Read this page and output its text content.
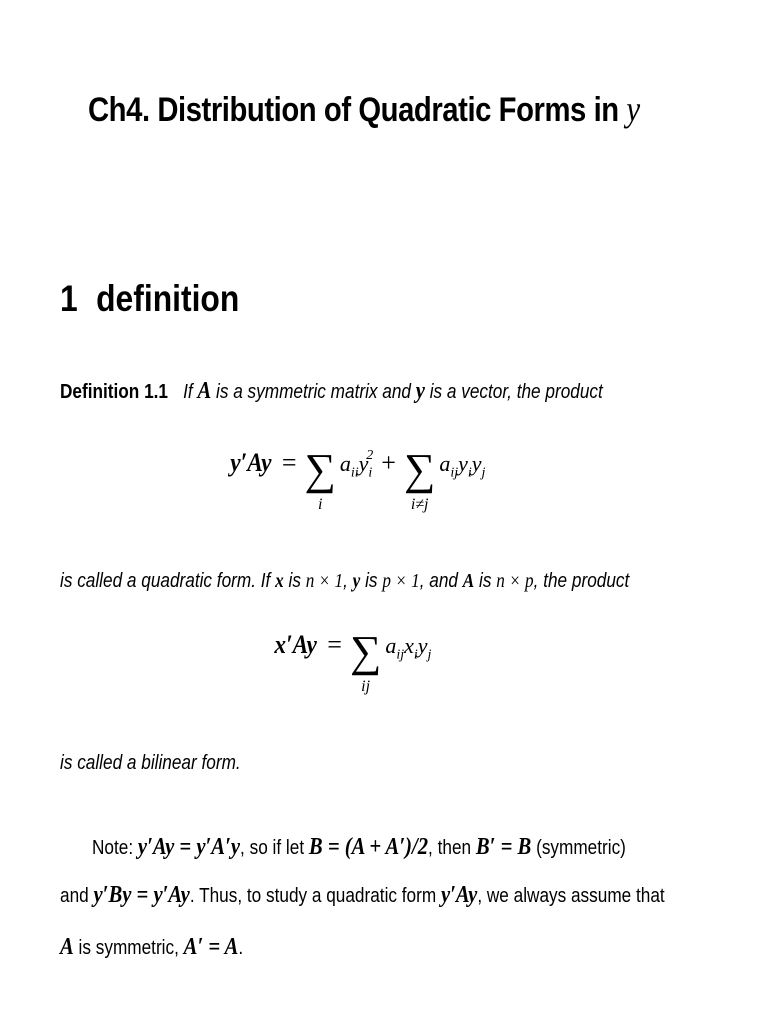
Ch4. Distribution of Quadratic Forms in y
1 definition
Definition 1.1 If A is a symmetric matrix and y is a vector, the product
y′Ay = ∑
i
$a_{ii}y_i^2$ + ∑
i≠j
$a_{ij}y_iy_j$
is called a quadratic form. If x is n × 1, y is p × 1, and A is n × p, the product
x′Ay = ∑
ij
$a_{ij}x_iy_j$
is called a bilinear form.
Note: y′Ay = y′A′y, so if let B = (A + A′)/2, then B′ = B (symmetric)
and y′By = y′Ay. Thus, to study a quadratic form y′Ay, we always assume that
A is symmetric, A′ = A.
